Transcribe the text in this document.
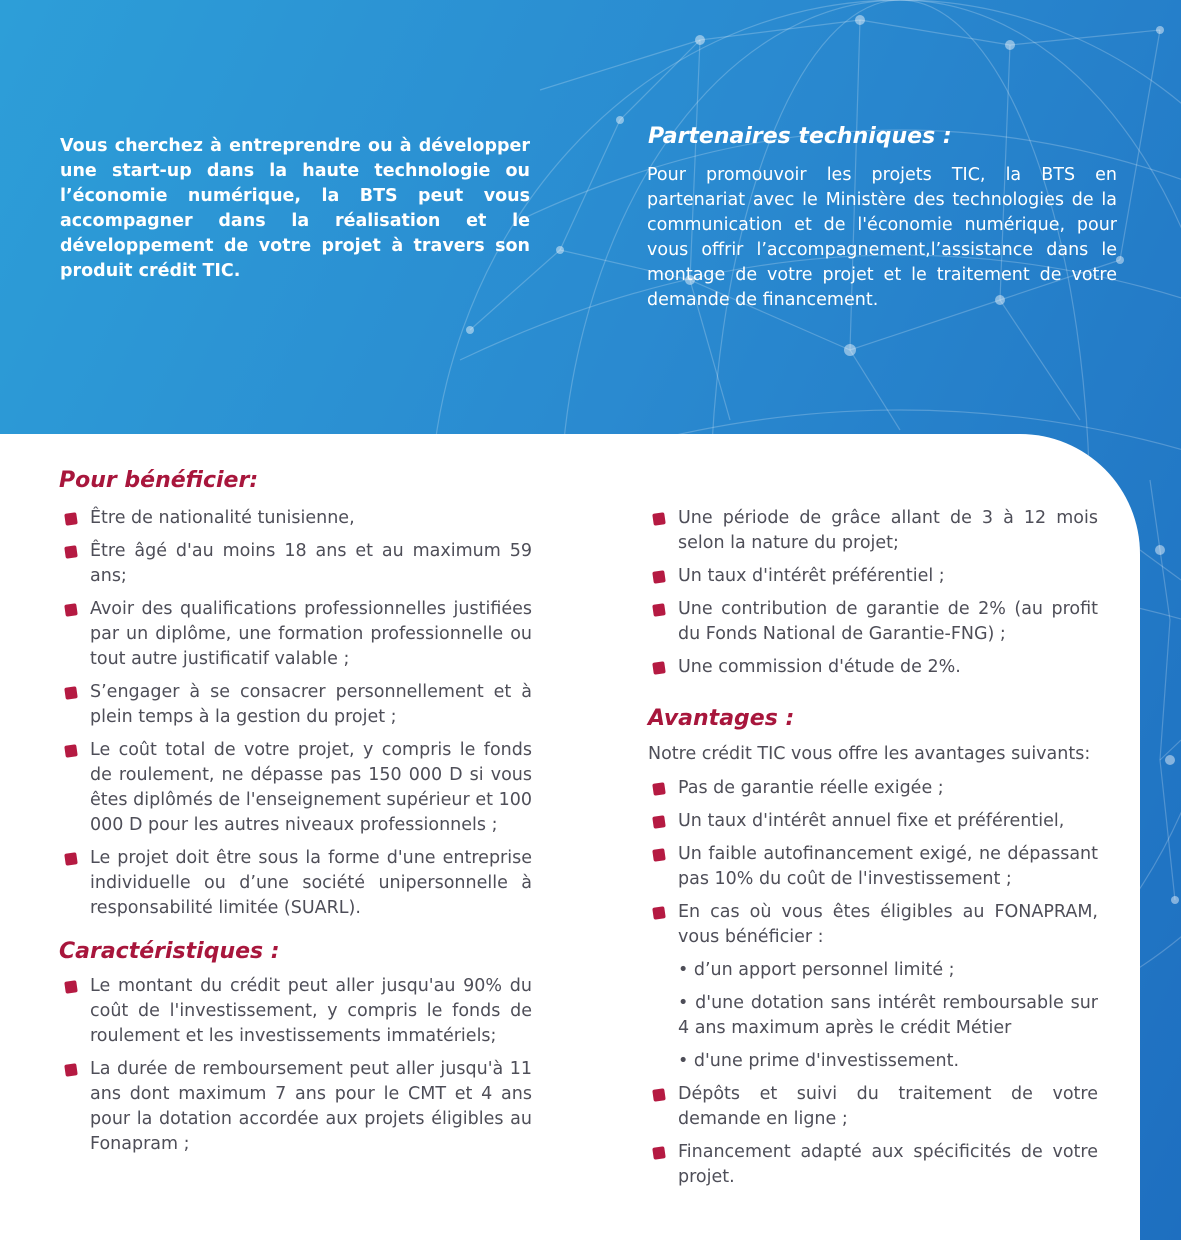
Vous cherchez à entreprendre ou à développer une start-up dans la haute technologie ou l’économie numérique, la BTS peut vous accompagner dans la réalisation et le développement de votre projet à travers son produit crédit TIC.
Partenaires techniques :
Pour promouvoir les projets TIC, la BTS en partenariat avec le Ministère des technologies de la communication et de l'économie numérique, pour vous offrir l’accompagnement,l’assistance dans le montage de votre projet et le traitement de votre demande de financement.
Pour bénéficier:
Être de nationalité tunisienne,
Être âgé d'au moins 18 ans et au maximum 59 ans;
Avoir des qualifications professionnelles justifiées par un diplôme, une formation professionnelle ou tout autre justificatif valable ;
S’engager à se consacrer personnellement et à plein temps à la gestion du projet ;
Le coût total de votre projet, y compris le fonds de roulement, ne dépasse pas 150 000 D si vous êtes diplômés de l'enseignement supérieur et 100 000 D pour les autres niveaux professionnels ;
Le projet doit être sous la forme d'une entreprise individuelle ou d’une société unipersonnelle à responsabilité limitée (SUARL).
Caractéristiques :
Le montant du crédit peut aller jusqu'au 90% du coût de l'investissement, y compris le fonds de roulement et les investissements immatériels;
La durée de remboursement peut aller jusqu'à 11 ans dont maximum 7 ans pour le CMT et 4 ans pour la dotation accordée aux projets éligibles au Fonapram ;
Une période de grâce allant de 3 à 12 mois selon la nature du projet;
Un taux d'intérêt préférentiel ;
Une contribution de garantie de 2% (au profit du Fonds National de Garantie-FNG) ;
Une commission d'étude de 2%.
Avantages :
Notre crédit TIC vous offre les avantages suivants:
Pas de garantie réelle exigée ;
Un taux d'intérêt annuel fixe et préférentiel,
Un faible autofinancement exigé, ne dépassant pas 10% du coût de l'investissement ;
En cas où vous êtes éligibles au FONAPRAM, vous bénéficier :
• d’un apport personnel limité ;
• d'une dotation sans intérêt remboursable sur 4 ans maximum après le crédit Métier
• d'une prime d'investissement.
Dépôts et suivi du traitement de votre demande en ligne ;
Financement adapté aux spécificités de votre projet.
